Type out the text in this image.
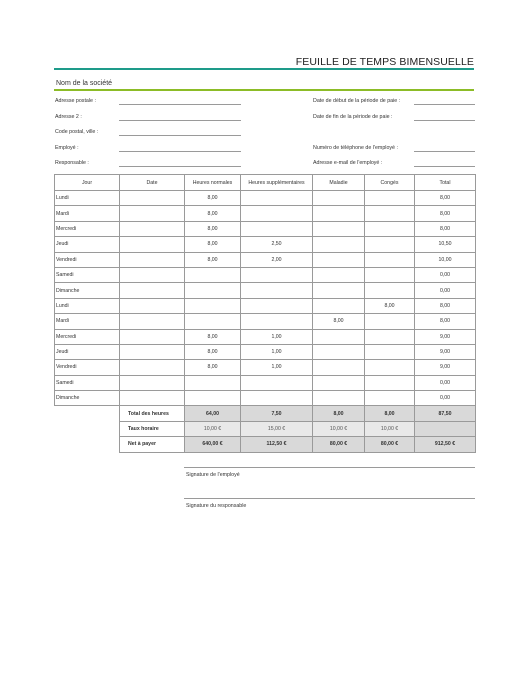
FEUILLE DE TEMPS BIMENSUELLE
Nom de la société
Adresse postale :
Adresse 2 :
Code postal, ville :
Employé :
Responsable :
Date de début de la période de paie :
Date de fin de la période de paie :
Numéro de téléphone de l'employé :
Adresse e-mail de l'employé :
Jour	Date	Heures normales	Heures supplémentaires	Maladie	Congés	Total
Lundi		8,00				8,00
Mardi		8,00				8,00
Mercredi		8,00				8,00
Jeudi		8,00	2,50			10,50
Vendredi		8,00	2,00			10,00
Samedi						0,00
Dimanche						0,00
Lundi					8,00	8,00
Mardi				8,00		8,00
Mercredi		8,00	1,00			9,00
Jeudi		8,00	1,00			9,00
Vendredi		8,00	1,00			9,00
Samedi						0,00
Dimanche						0,00
	Total des heures	64,00	7,50	8,00	8,00	87,50
	Taux horaire	10,00 €	15,00 €	10,00 €	10,00 €	
	Net à payer	640,00 €	112,50 €	80,00 €	80,00 €	912,50 €
Signature de l'employé
Signature du responsable
